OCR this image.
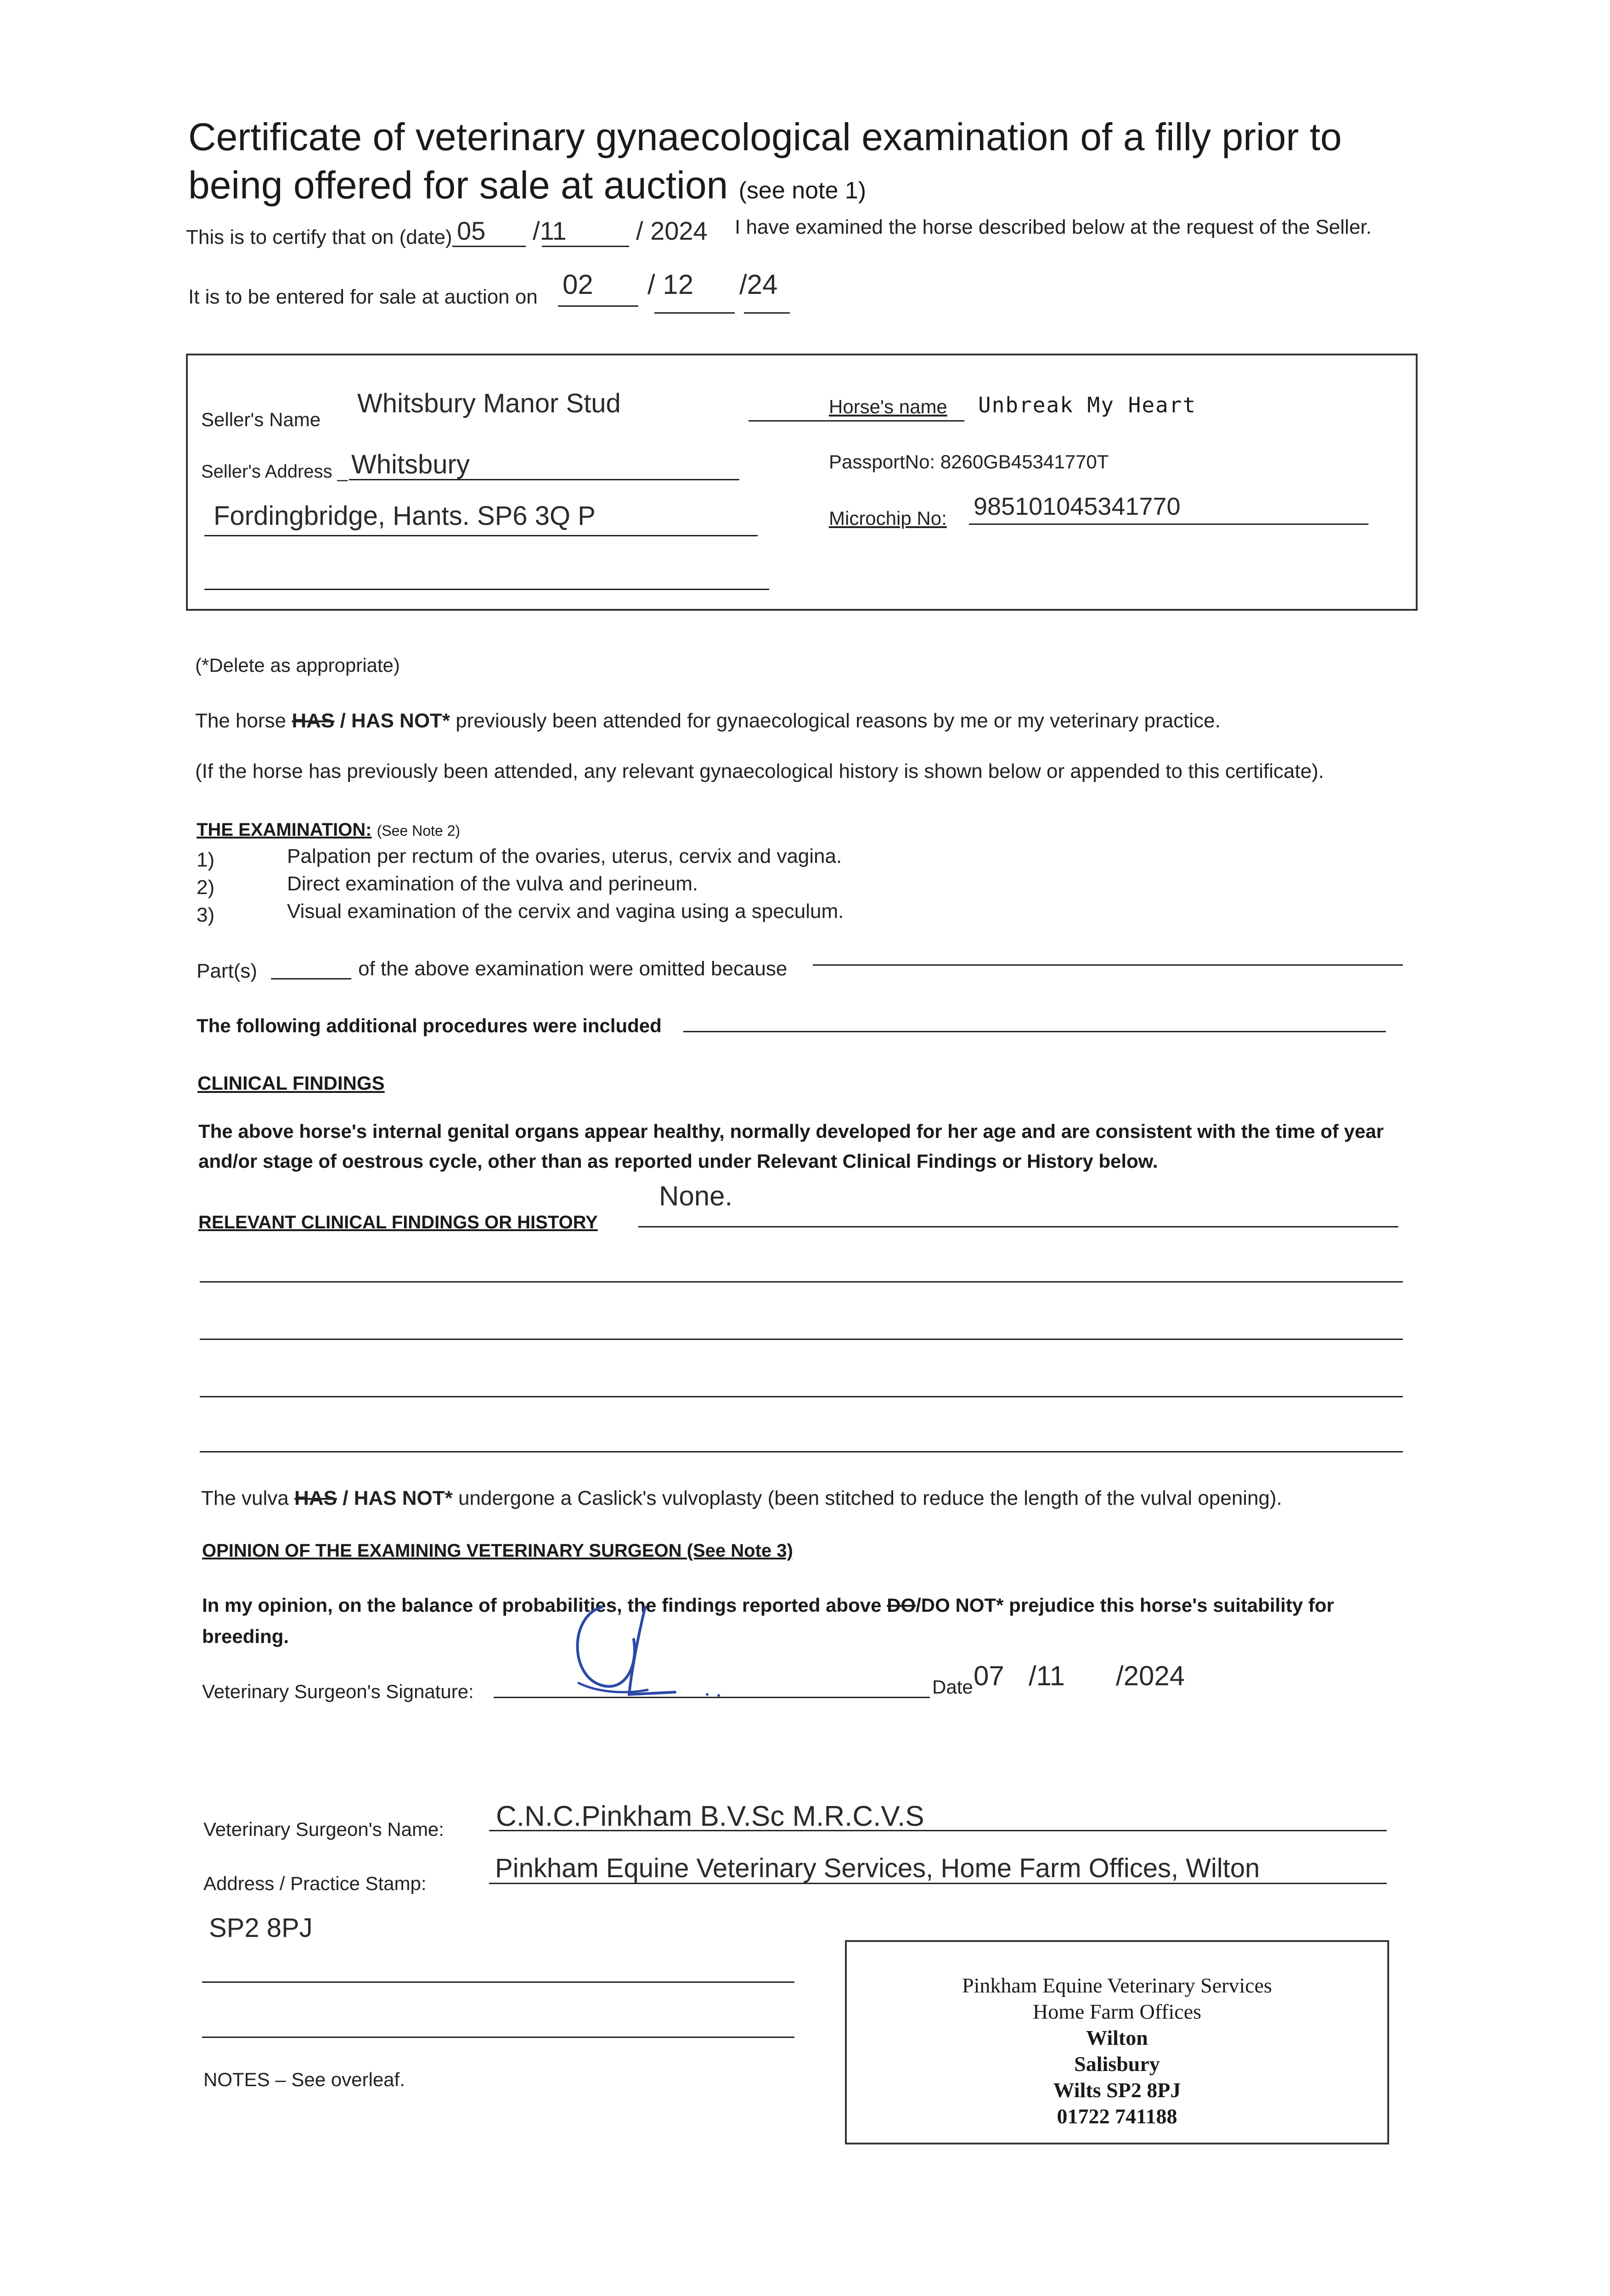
Certificate of veterinary gynaecological examination of a filly prior to
being offered for sale at auction (see note 1)
This is to certify that on (date) 05 /11	/ 2024 I have examined the horse described below at the request of the Seller.
It is to be entered for sale at auction on 02 / 12 /24
Seller's Name
Whitsbury Manor Stud
Seller's Address _ Whitsbury
Fordingbridge, Hants. SP6 3Q P
Horse's name Unbreak My Heart
PassportNo: 8260GB45341770T
Microchip No: 985101045341770
(*Delete as appropriate)
The horse HAS / HAS NOT* previously been attended for gynaecological reasons by me or my veterinary practice.
(If the horse has previously been attended, any relevant gynaecological history is shown below or appended to this certificate).
THE EXAMINATION: (See Note 2)
1)	Palpation per rectum of the ovaries, uterus, cervix and vagina.
2)	Direct examination of the vulva and perineum.
3)	Visual examination of the cervix and vagina using a speculum.
Part(s)	of the above examination were omitted because
The following additional procedures were included
CLINICAL FINDINGS
The above horse's internal genital organs appear healthy, normally developed for her age and are consistent with the time of year
and/or stage of oestrous cycle, other than as reported under Relevant Clinical Findings or History below.
RELEVANT CLINICAL FINDINGS OR HISTORY
None.
The vulva HAS / HAS NOT* undergone a Caslick's vulvoplasty (been stitched to reduce the length of the vulval opening).
OPINION OF THE EXAMINING VETERINARY SURGEON (See Note 3)
In my opinion, on the balance of probabilities, the findings reported above DO/DO NOT* prejudice this horse's suitability for
breeding.
Veterinary Surgeon's Signature:	Date 07 /11 /2024
Veterinary Surgeon's Name: C.N.C.Pinkham B.V.Sc M.R.C.V.S
Address / Practice Stamp:
Pinkham Equine Veterinary Services, Home Farm Offices, Wilton
SP2 8PJ
Pinkham Equine Veterinary Services
Home Farm Offices
Wilton
Salisbury
Wilts SP2 8PJ
01722 741188
NOTES – See overleaf.
